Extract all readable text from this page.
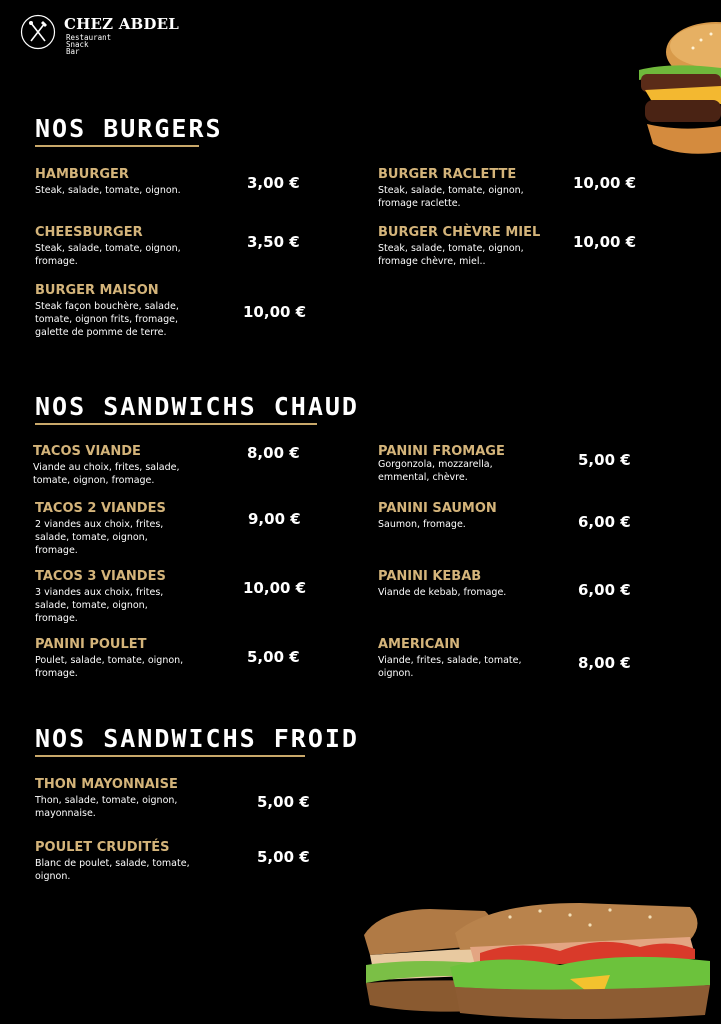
CHEZ ABDEL
Restaurant
Snack
Bar
NOS BURGERS
HAMBURGER
Steak, salade, tomate, oignon.	3,00 €
CHEESBURGER
Steak, salade, tomate, oignon,
fromage.
3,50 €
BURGER MAISON
Steak façon bouchère, salade,
tomate, oignon frits, fromage,
galette de pomme de terre.
10,00 €
BURGER RACLETTE
Steak, salade, tomate, oignon,
fromage raclette.
10,00 €
BURGER CHÈVRE MIEL
Steak, salade, tomate, oignon,
fromage chèvre, miel..
10,00 €
NOS SANDWICHS CHAUD
TACOS VIANDE
Viande au choix, frites, salade,
tomate, oignon, fromage.
8,00 €
TACOS 2 VIANDES
2 viandes aux choix, frites,
salade, tomate, oignon,
fromage.
9,00 €
TACOS 3 VIANDES
3 viandes aux choix, frites,
salade, tomate, oignon,
fromage.
10,00 €
PANINI POULET
Poulet, salade, tomate, oignon,
fromage.
5,00 €
PANINI FROMAGE
Gorgonzola, mozzarella,
emmental, chèvre.
5,00 €
PANINI SAUMON
Saumon, fromage.	6,00 €
PANINI KEBAB
Viande de kebab, fromage.	6,00 €
AMERICAIN
Viande, frites, salade, tomate,
oignon.
8,00 €
NOS SANDWICHS FROID
THON MAYONNAISE
Thon, salade, tomate, oignon,
mayonnaise.
5,00 €
POULET CRUDITÉS
Blanc de poulet, salade, tomate,
oignon.
5,00 €
